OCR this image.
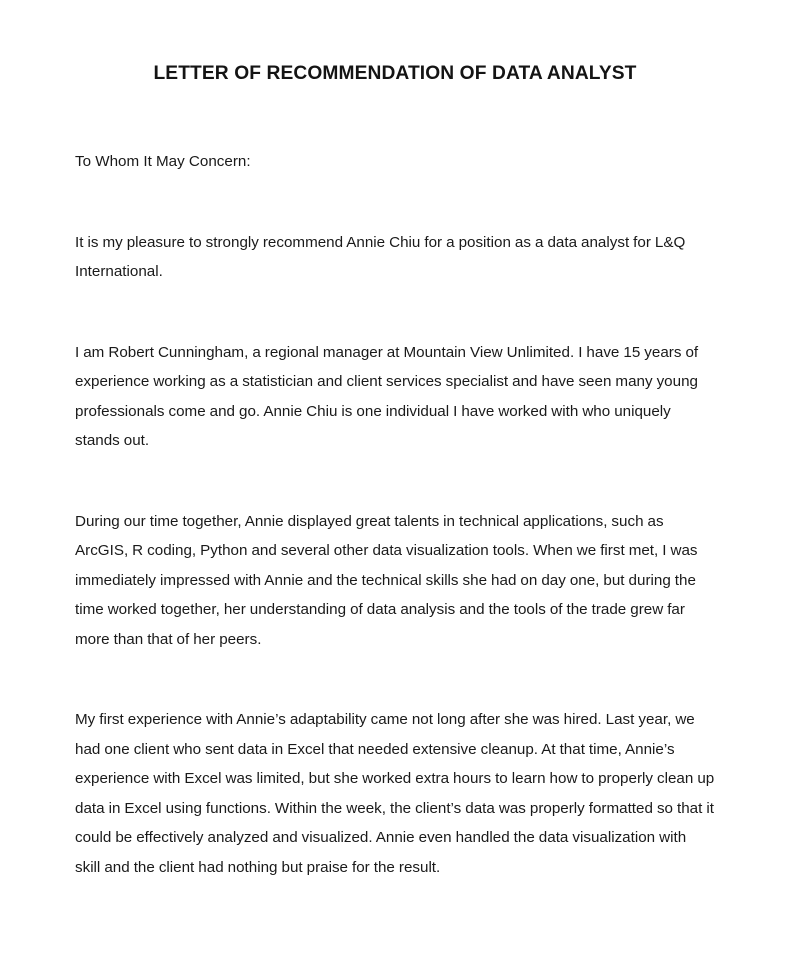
LETTER OF RECOMMENDATION OF DATA ANALYST

To Whom It May Concern:

It is my pleasure to strongly recommend Annie Chiu for a position as a data analyst for L&Q International.

I am Robert Cunningham, a regional manager at Mountain View Unlimited. I have 15 years of experience working as a statistician and client services specialist and have seen many young professionals come and go. Annie Chiu is one individual I have worked with who uniquely stands out.

During our time together, Annie displayed great talents in technical applications, such as ArcGIS, R coding, Python and several other data visualization tools. When we first met, I was immediately impressed with Annie and the technical skills she had on day one, but during the time worked together, her understanding of data analysis and the tools of the trade grew far more than that of her peers.

My first experience with Annie’s adaptability came not long after she was hired. Last year, we had one client who sent data in Excel that needed extensive cleanup. At that time, Annie’s experience with Excel was limited, but she worked extra hours to learn how to properly clean up data in Excel using functions. Within the week, the client’s data was properly formatted so that it could be effectively analyzed and visualized. Annie even handled the data visualization with skill and the client had nothing but praise for the result.
